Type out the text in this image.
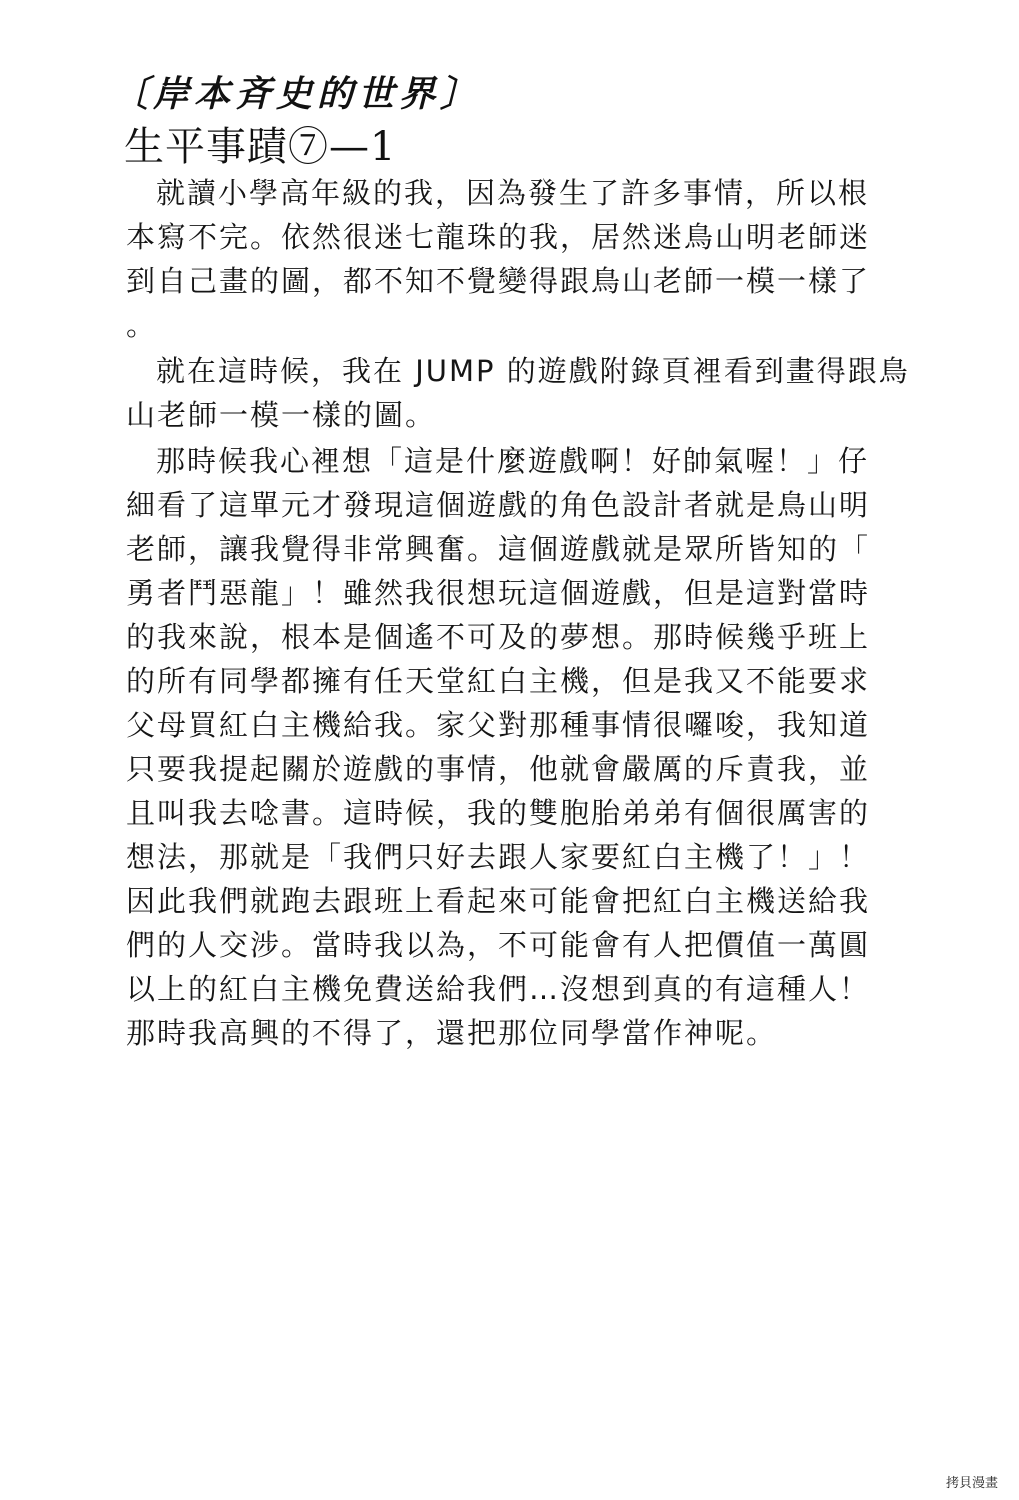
〔岸本斉史的世界〕
生平事蹟⑦—1
就讀小學高年級的我，因為發生了許多事情，所以根
本寫不完。依然很迷七龍珠的我，居然迷鳥山明老師迷
到自己畫的圖，都不知不覺變得跟鳥山老師一模一樣了
。
就在這時候，我在 JUMP 的遊戲附錄頁裡看到畫得跟鳥
山老師一模一樣的圖。
那時候我心裡想「這是什麼遊戲啊！好帥氣喔！」仔
細看了這單元才發現這個遊戲的角色設計者就是鳥山明
老師，讓我覺得非常興奮。這個遊戲就是眾所皆知的「
勇者鬥惡龍」！雖然我很想玩這個遊戲，但是這對當時
的我來說，根本是個遙不可及的夢想。那時候幾乎班上
的所有同學都擁有任天堂紅白主機，但是我又不能要求
父母買紅白主機給我。家父對那種事情很囉唆，我知道
只要我提起關於遊戲的事情，他就會嚴厲的斥責我，並
且叫我去唸書。這時候，我的雙胞胎弟弟有個很厲害的
想法，那就是「我們只好去跟人家要紅白主機了！」！
因此我們就跑去跟班上看起來可能會把紅白主機送給我
們的人交涉。當時我以為，不可能會有人把價值一萬圓
以上的紅白主機免費送給我們…沒想到真的有這種人！
那時我高興的不得了，還把那位同學當作神呢。
拷貝漫畫
